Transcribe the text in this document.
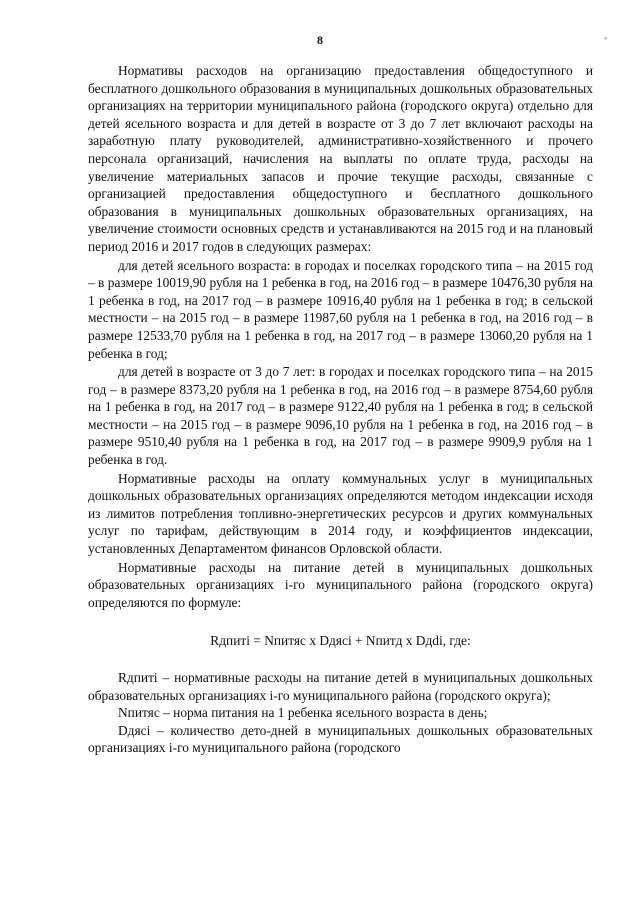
8	°

Нормативы расходов на организацию предоставления общедоступного и бесплатного дошкольного образования в муниципальных дошкольных образовательных организациях на территории муниципального района (городского округа) отдельно для детей ясельного возраста и для детей в возрасте от 3 до 7 лет включают расходы на заработную плату руководителей, административно-хозяйственного и прочего персонала организаций, начисления на выплаты по оплате труда, расходы на увеличение материальных запасов и прочие текущие расходы, связанные с организацией предоставления общедоступного и бесплатного дошкольного образования в муниципальных дошкольных образовательных организациях, на увеличение стоимости основных средств и устанавливаются на 2015 год и на плановый период 2016 и 2017 годов в следующих размерах:

для детей ясельного возраста: в городах и поселках городского типа – на 2015 год – в размере 10019,90 рубля на 1 ребенка в год, на 2016 год – в размере 10476,30 рубля на 1 ребенка в год, на 2017 год – в размере 10916,40 рубля на 1 ребенка в год; в сельской местности – на 2015 год – в размере 11987,60 рубля на 1 ребенка в год, на 2016 год – в размере 12533,70 рубля на 1 ребенка в год, на 2017 год – в размере 13060,20 рубля на 1 ребенка в год;

для детей в возрасте от 3 до 7 лет: в городах и поселках городского типа – на 2015 год – в размере 8373,20 рубля на 1 ребенка в год, на 2016 год – в размере 8754,60 рубля на 1 ребенка в год, на 2017 год – в размере 9122,40 рубля на 1 ребенка в год; в сельской местности – на 2015 год – в размере 9096,10 рубля на 1 ребенка в год, на 2016 год – в размере 9510,40 рубля на 1 ребенка в год, на 2017 год – в размере 9909,9 рубля на 1 ребенка в год.

Нормативные расходы на оплату коммунальных услуг в муниципальных дошкольных образовательных организациях определяются методом индексации исходя из лимитов потребления топливно-энергетических ресурсов и других коммунальных услуг по тарифам, действующим в 2014 году, и коэффициентов индексации, установленных Департаментом финансов Орловской области.

Нормативные расходы на питание детей в муниципальных дошкольных образовательных организациях i-го муниципального района (городского округа) определяются по формуле:

Rдпитi = Nпитяс x Dдяci + Nпитд x Dдdi, где:

Rдпитi – нормативные расходы на питание детей в муниципальных дошкольных образовательных организациях i-го муниципального района (городского округа);

Nпитяс – норма питания на 1 ребенка ясельного возраста в день;

Dдяci – количество дето-дней в муниципальных дошкольных образовательных организациях i-го муниципального района (городского
